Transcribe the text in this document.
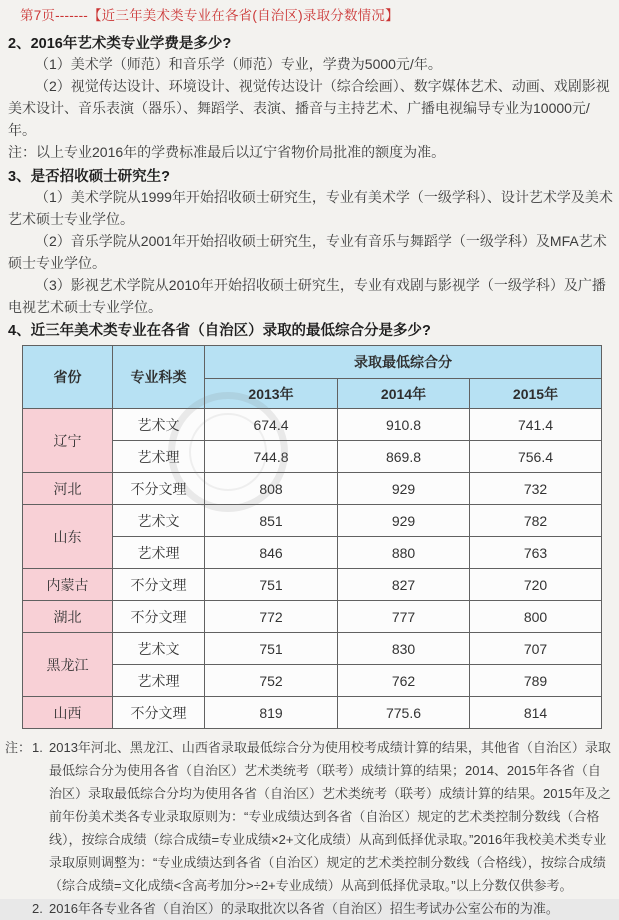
第7页-------【近三年美术类专业在各省(自治区)录取分数情况】
2、2016年艺术类专业学费是多少?

（1）美术学（师范）和音乐学（师范）专业，学费为5000元/年。

（2）视觉传达设计、环境设计、视觉传达设计（综合绘画）、数字媒体艺术、动画、戏剧影视美术设计、音乐表演（器乐）、舞蹈学、表演、播音与主持艺术、广播电视编导专业为10000元/年。

注：以上专业2016年的学费标准最后以辽宁省物价局批准的额度为准。

3、是否招收硕士研究生?

（1）美术学院从1999年开始招收硕士研究生，专业有美术学（一级学科）、设计艺术学及美术艺术硕士专业学位。

（2）音乐学院从2001年开始招收硕士研究生，专业有音乐与舞蹈学（一级学科）及MFA艺术硕士专业学位。

（3）影视艺术学院从2010年开始招收硕士研究生，专业有戏剧与影视学（一级学科）及广播电视艺术硕士专业学位。

4、近三年美术类专业在各省（自治区）录取的最低综合分是多少?
省份	专业科类	录取最低综合分		
		2013年	2014年	2015年
辽宁	艺术文	674.4	910.8	741.4
	艺术理	744.8	869.8	756.4
河北	不分文理	808	929	732
山东	艺术文	851	929	782
	艺术理	846	880	763
内蒙古	不分文理	751	827	720
湖北	不分文理	772	777	800
黑龙江	艺术文	751	830	707
	艺术理	752	762	789
山西	不分文理	819	775.6	814
注： 1. 2013年河北、黑龙江、山西省录取最低综合分为使用校考成绩计算的结果，其他省（自治区）录取最低综合分为使用各省（自治区）艺术类统考（联考）成绩计算的结果；2014、2015年各省（自治区）录取最低综合分均为使用各省（自治区）艺术类统考（联考）成绩计算的结果。2015年及之前年份美术类各专业录取原则为：“专业成绩达到各省（自治区）规定的艺术类控制分数线（合格线），按综合成绩（综合成绩=专业成绩×2+文化成绩）从高到低择优录取。”2016年我校美术类专业录取原则调整为：“专业成绩达到各省（自治区）规定的艺术类控制分数线（合格线），按综合成绩（综合成绩=文化成绩<含高考加分>÷2+专业成绩）从高到低择优录取。”以上分数仅供参考。
2. 2016年各专业各省（自治区）的录取批次以各省（自治区）招生考试办公室公布的为准。
